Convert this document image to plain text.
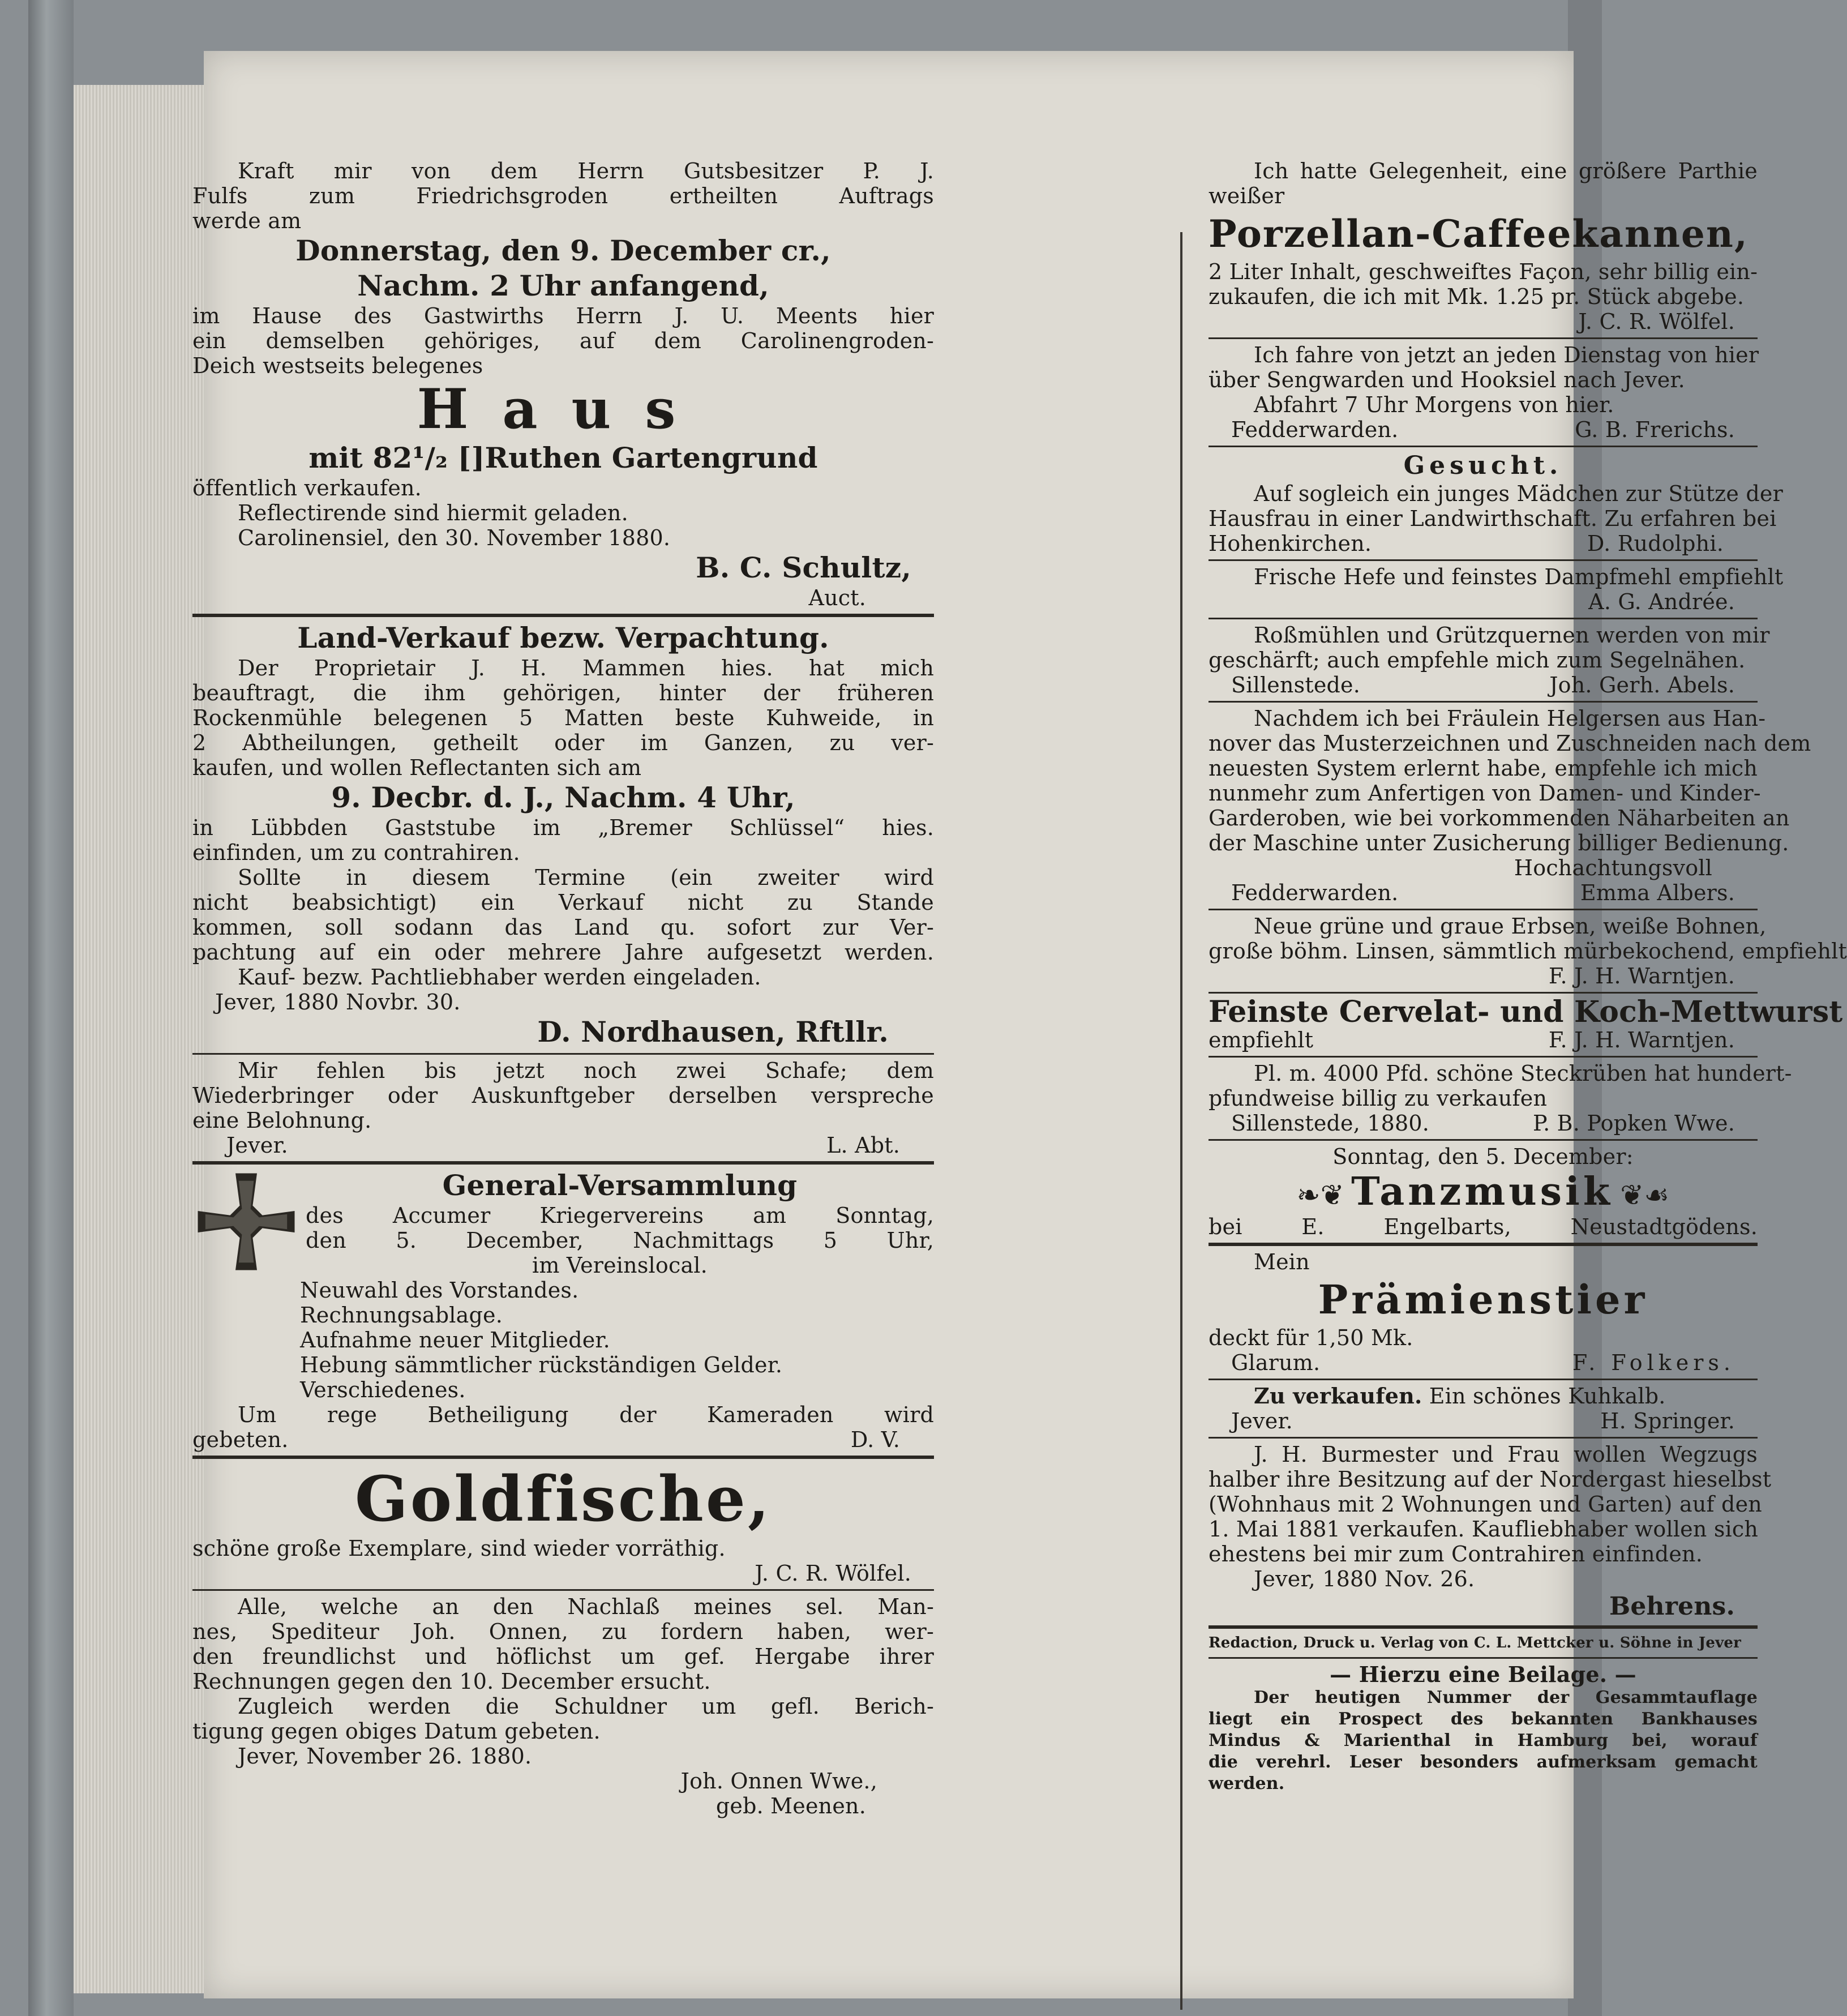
Kraft mir von dem Herrn Gutsbesitzer P. J.
Fulfs zum Friedrichsgroden ertheilten Auftrags
werde am
Donnerstag, den 9. December cr.,
Nachm. 2 Uhr anfangend,
im Hause des Gastwirths Herrn J. U. Meents hier
ein demselben gehöriges, auf dem Carolinengroden-
Deich westseits belegenes
Haus
mit 82¹/₂ []Ruthen Gartengrund
öffentlich verkaufen.
Reflectirende sind hiermit geladen.
Carolinensiel, den 30. November 1880.
B. C. Schultz,
Auct.
Land-Verkauf bezw. Verpachtung.
Der Proprietair J. H. Mammen hies. hat mich
beauftragt, die ihm gehörigen, hinter der früheren
Rockenmühle belegenen 5 Matten beste Kuhweide, in
2 Abtheilungen, getheilt oder im Ganzen, zu ver-
kaufen, und wollen Reflectanten sich am
9. Decbr. d. J., Nachm. 4 Uhr,
in Lübbden Gaststube im „Bremer Schlüssel“ hies.
einfinden, um zu contrahiren.
Sollte in diesem Termine (ein zweiter wird
nicht beabsichtigt) ein Verkauf nicht zu Stande
kommen, soll sodann das Land qu. sofort zur Ver-
pachtung auf ein oder mehrere Jahre aufgesetzt werden.
Kauf- bezw. Pachtliebhaber werden eingeladen.
Jever, 1880 Novbr. 30.
D. Nordhausen, Rftllr.
Mir fehlen bis jetzt noch zwei Schafe; dem
Wiederbringer oder Auskunftgeber derselben verspreche
eine Belohnung.
Jever.	L. Abt.
General-Versammlung
des Accumer Kriegervereins am Sonntag,
den 5. December, Nachmittags 5 Uhr,
im Vereinslocal.
Neuwahl des Vorstandes.
Rechnungsablage.
Aufnahme neuer Mitglieder.
Hebung sämmtlicher rückständigen Gelder.
Verschiedenes.
Um rege Betheiligung der Kameraden wird
gebeten.	D. V.
Goldfische,
schöne große Exemplare, sind wieder vorräthig.
J. C. R. Wölfel.
Alle, welche an den Nachlaß meines sel. Man-
nes, Spediteur Joh. Onnen, zu fordern haben, wer-
den freundlichst und höflichst um gef. Hergabe ihrer
Rechnungen gegen den 10. December ersucht.
Zugleich werden die Schuldner um gefl. Berich-
tigung gegen obiges Datum gebeten.
Jever, November 26. 1880.
Joh. Onnen Wwe.,
geb. Meenen.
Ich hatte Gelegenheit, eine größere Parthie
weißer
Porzellan-Caffeekannen,
2 Liter Inhalt, geschweiftes Façon, sehr billig ein-
zukaufen, die ich mit Mk. 1.25 pr. Stück abgebe.
J. C. R. Wölfel.
Ich fahre von jetzt an jeden Dienstag von hier
über Sengwarden und Hooksiel nach Jever.
Abfahrt 7 Uhr Morgens von hier.
Fedderwarden.	G. B. Frerichs.
Gesucht.
Auf sogleich ein junges Mädchen zur Stütze der
Hausfrau in einer Landwirthschaft. Zu erfahren bei
Hohenkirchen.	D. Rudolphi.
Frische Hefe und feinstes Dampfmehl empfiehlt
A. G. Andrée.
Roßmühlen und Grützquernen werden von mir
geschärft; auch empfehle mich zum Segelnähen.
Sillenstede.	Joh. Gerh. Abels.
Nachdem ich bei Fräulein Helgersen aus Han-
nover das Musterzeichnen und Zuschneiden nach dem
neuesten System erlernt habe, empfehle ich mich
nunmehr zum Anfertigen von Damen- und Kinder-
Garderoben, wie bei vorkommenden Näharbeiten an
der Maschine unter Zusicherung billiger Bedienung.
Hochachtungsvoll
Fedderwarden.	Emma Albers.
Neue grüne und graue Erbsen, weiße Bohnen,
große böhm. Linsen, sämmtlich mürbekochend, empfiehlt
F. J. H. Warntjen.
Feinste Cervelat- und Koch-Mettwurst
empfiehlt	F. J. H. Warntjen.
Pl. m. 4000 Pfd. schöne Steckrüben hat hundert-
pfundweise billig zu verkaufen
Sillenstede, 1880.	P. B. Popken Wwe.
Sonntag, den 5. December:
❧❦ Tanzmusik ❦☙
bei E. Engelbarts, Neustadtgödens.
Mein
Prämienstier
deckt für 1,50 Mk.
Glarum.	F. Folkers.
Zu verkaufen. Ein schönes Kuhkalb.
Jever.	H. Springer.
J. H. Burmester und Frau wollen Wegzugs
halber ihre Besitzung auf der Nordergast hieselbst
(Wohnhaus mit 2 Wohnungen und Garten) auf den
1. Mai 1881 verkaufen. Kaufliebhaber wollen sich
ehestens bei mir zum Contrahiren einfinden.
Jever, 1880 Nov. 26.
Behrens.
Redaction, Druck u. Verlag von C. L. Mettcker u. Söhne in Jever
— Hierzu eine Beilage. —
Der heutigen Nummer der Gesammtauflage
liegt ein Prospect des bekannten Bankhauses
Mindus & Marienthal in Hamburg bei, worauf
die verehrl. Leser besonders aufmerksam gemacht
werden.
